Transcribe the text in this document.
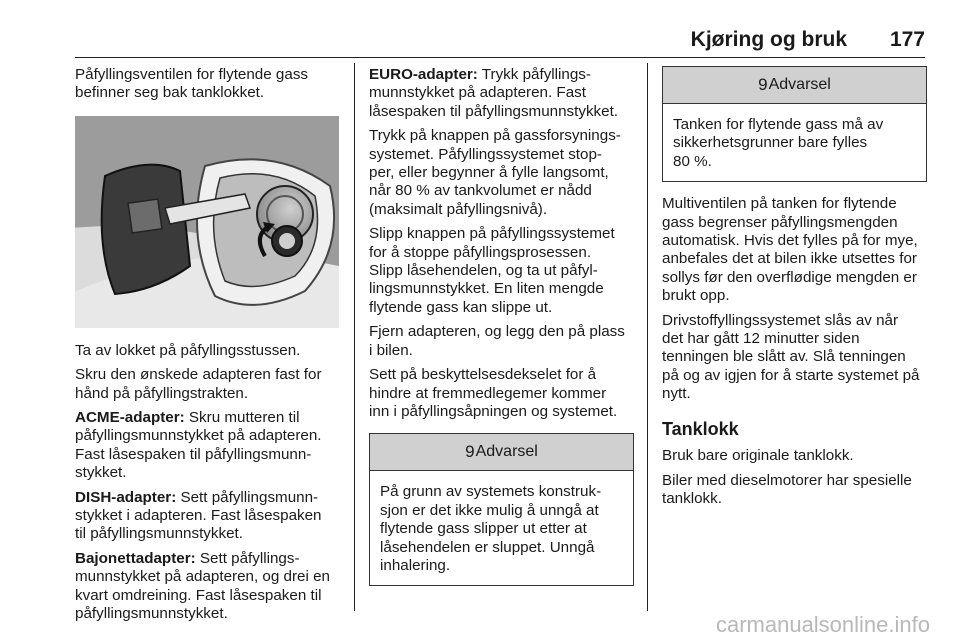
Kjøring og bruk 177

Påfyllingsventilen for flytende gass
befinner seg bak tanklokket.

Ta av lokket på påfyllingsstussen.

Skru den ønskede adapteren fast for
hånd på påfyllingstrakten.

ACME-adapter: Skru mutteren til
påfyllingsmunnstykket på adapteren.
Fast låsespaken til påfyllingsmunn-
stykket.

DISH-adapter: Sett påfyllingsmunn-
stykket i adapteren. Fast låsespaken
til påfyllingsmunnstykket.

Bajonettadapter: Sett påfyllings-
munnstykket på adapteren, og drei en
kvart omdreining. Fast låsespaken til
påfyllingsmunnstykket.

EURO-adapter: Trykk påfyllings-
munnstykket på adapteren. Fast
låsespaken til påfyllingsmunnstykket.

Trykk på knappen på gassforsynings-
systemet. Påfyllingssystemet stop-
per, eller begynner å fylle langsomt,
når 80 % av tankvolumet er nådd
(maksimalt påfyllingsnivå).

Slipp knappen på påfyllingssystemet
for å stoppe påfyllingsprosessen.
Slipp låsehendelen, og ta ut påfyl-
lingsmunnstykket. En liten mengde
flytende gass kan slippe ut.

Fjern adapteren, og legg den på plass
i bilen.

Sett på beskyttelsesdekselet for å
hindre at fremmedlegemer kommer
inn i påfyllingsåpningen og systemet.

9 Advarsel
På grunn av systemets konstruk-
sjon er det ikke mulig å unngå at
flytende gass slipper ut etter at
låsehendelen er sluppet. Unngå
inhalering.
9 Advarsel
Tanken for flytende gass må av
sikkerhetsgrunner bare fylles
80 %.

Multiventilen på tanken for flytende
gass begrenser påfyllingsmengden
automatisk. Hvis det fylles på for mye,
anbefales det at bilen ikke utsettes for
sollys før den overflødige mengden er
brukt opp.

Drivstoffyllingssystemet slås av når
det har gått 12 minutter siden
tenningen ble slått av. Slå tenningen
på og av igjen for å starte systemet på
nytt.

Tanklokk

Bruk bare originale tanklokk.

Biler med dieselmotorer har spesielle
tanklokk.

carmanualsonline.info
